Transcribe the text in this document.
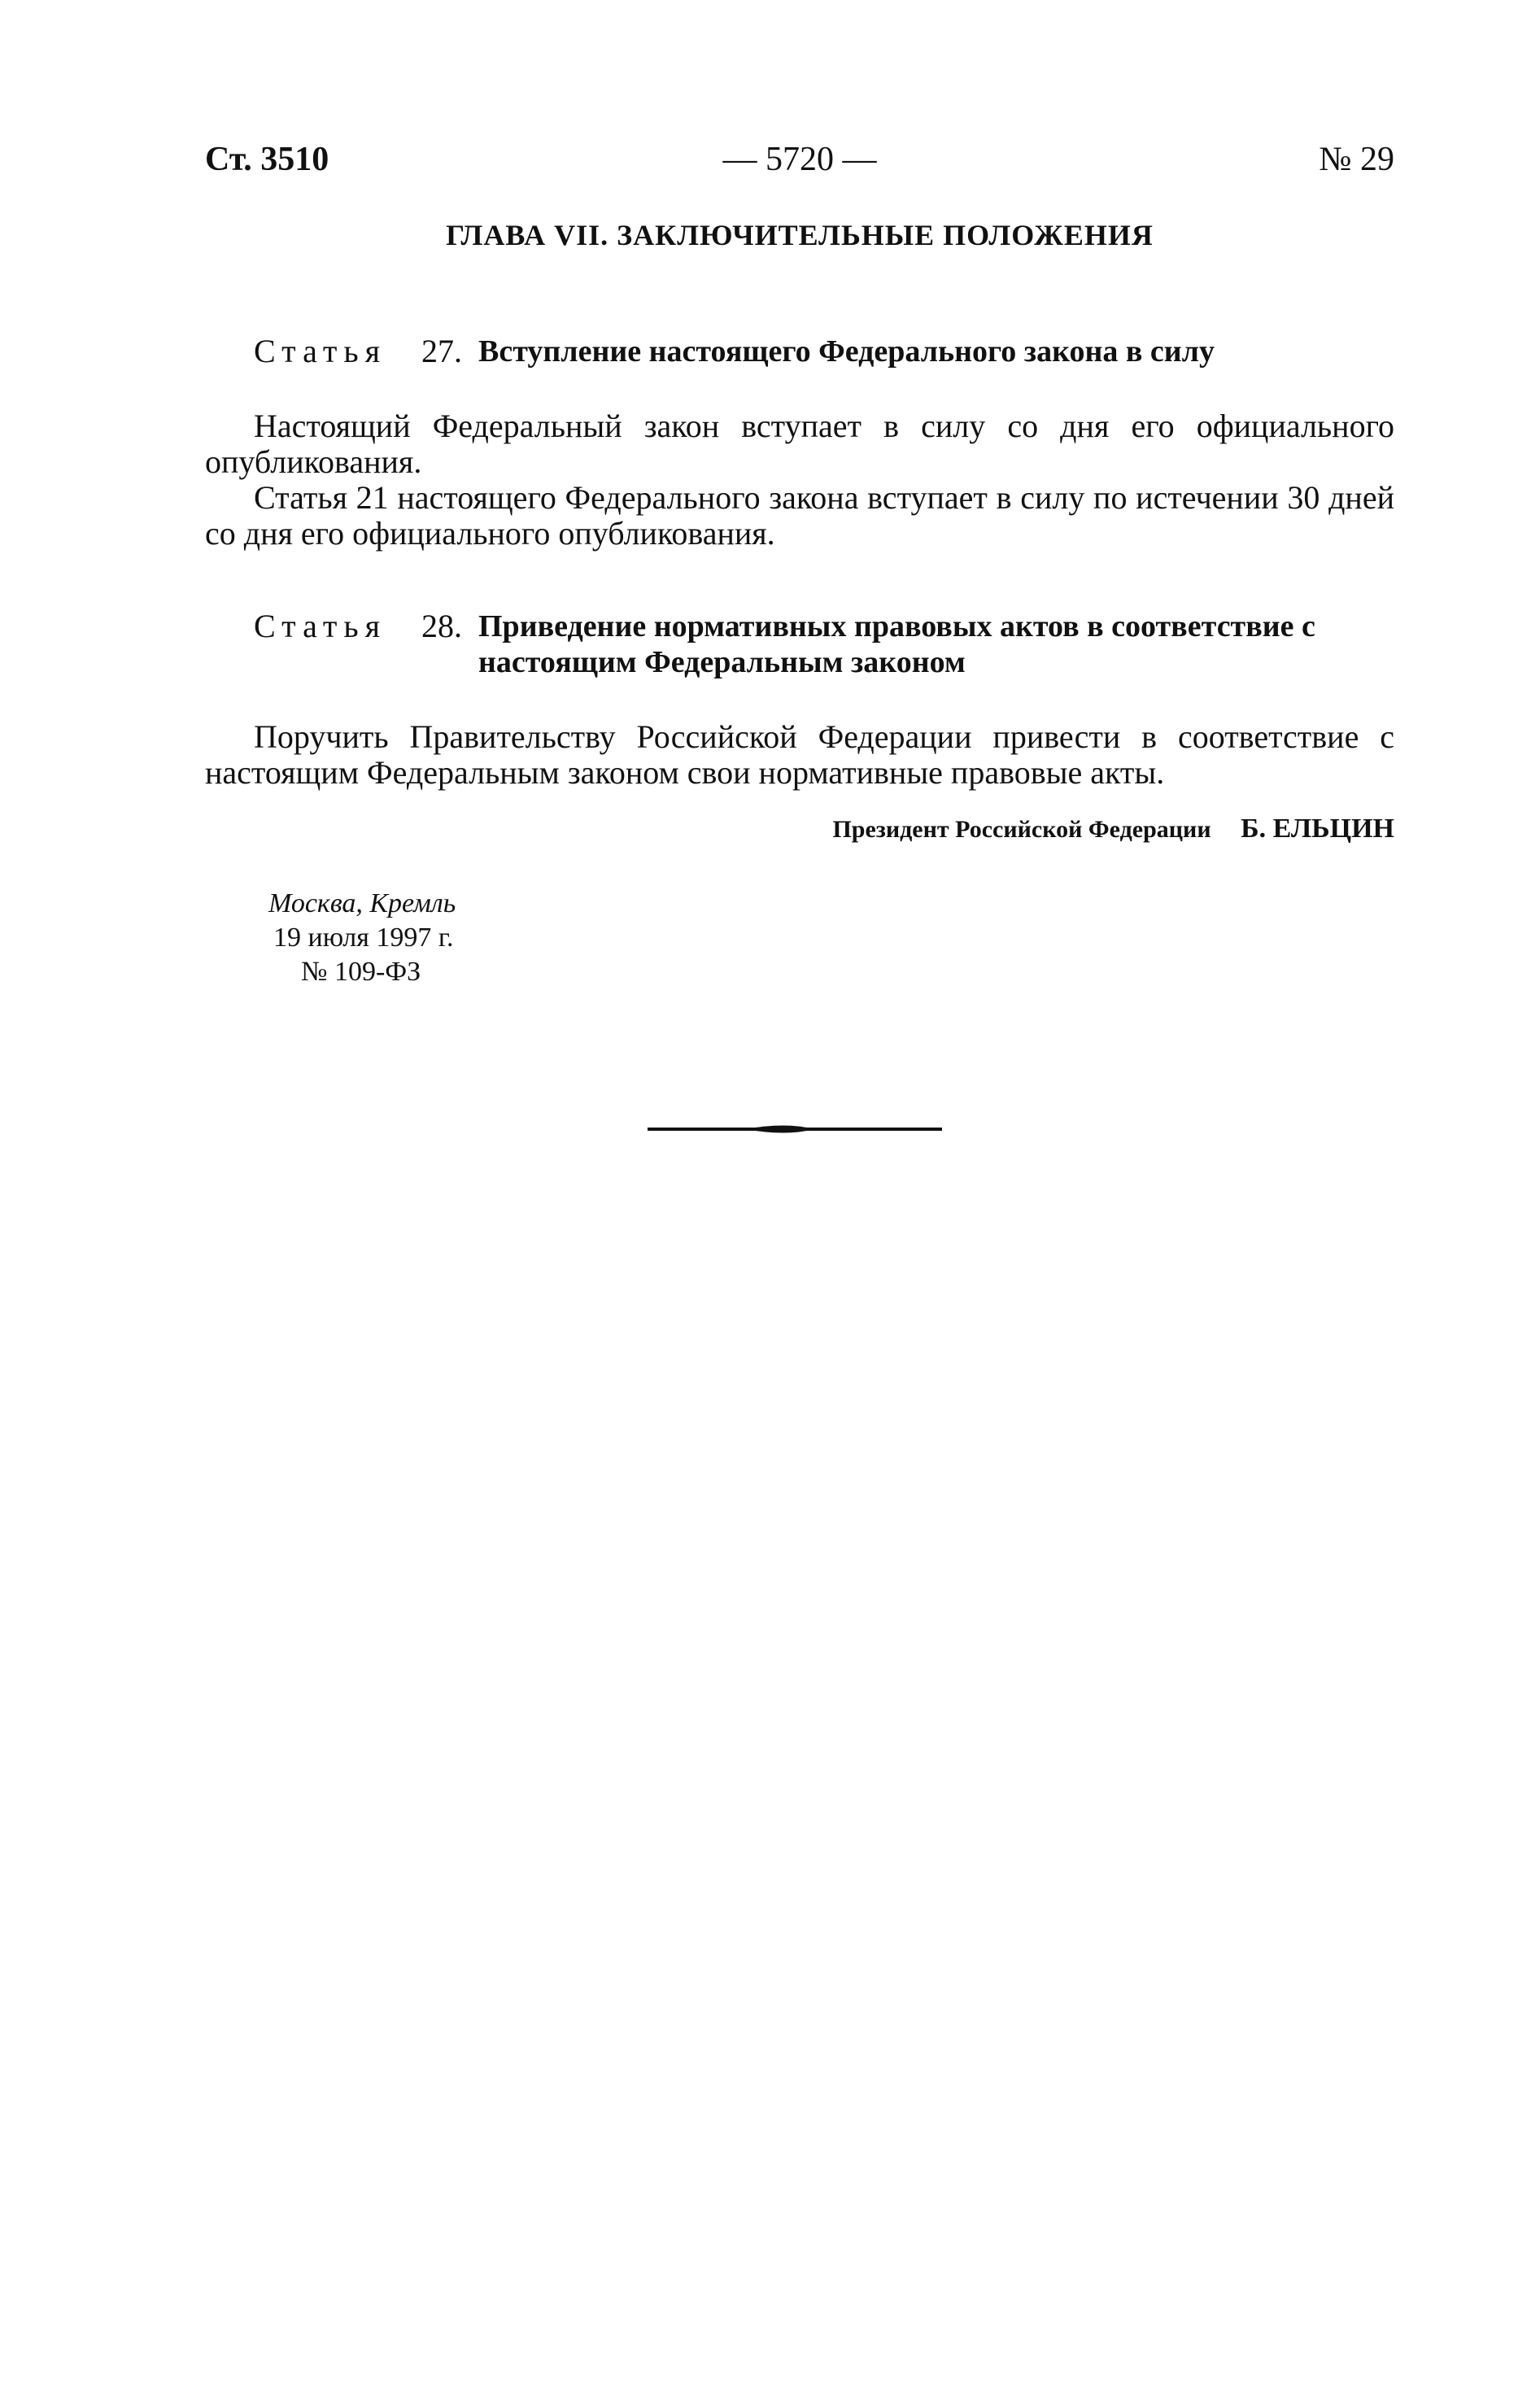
Ст. 3510	— 5720 —	№ 29
ГЛАВА VII. ЗАКЛЮЧИТЕЛЬНЫЕ ПОЛОЖЕНИЯ
Статья 27. Вступление настоящего Федерального закона в силу

Настоящий Федеральный закон вступает в силу со дня его официального опубликования.

Статья 21 настоящего Федерального закона вступает в силу по истечении 30 дней со дня его официального опубликования.

Статья 28. Приведение нормативных правовых актов в соответствие с настоящим Федеральным законом

Поручить Правительству Российской Федерации привести в соответствие с настоящим Федеральным законом свои нормативные правовые акты.

Президент Российской Федерации Б. ЕЛЬЦИН
Москва, Кремль
19 июля 1997 г.
№ 109-ФЗ
